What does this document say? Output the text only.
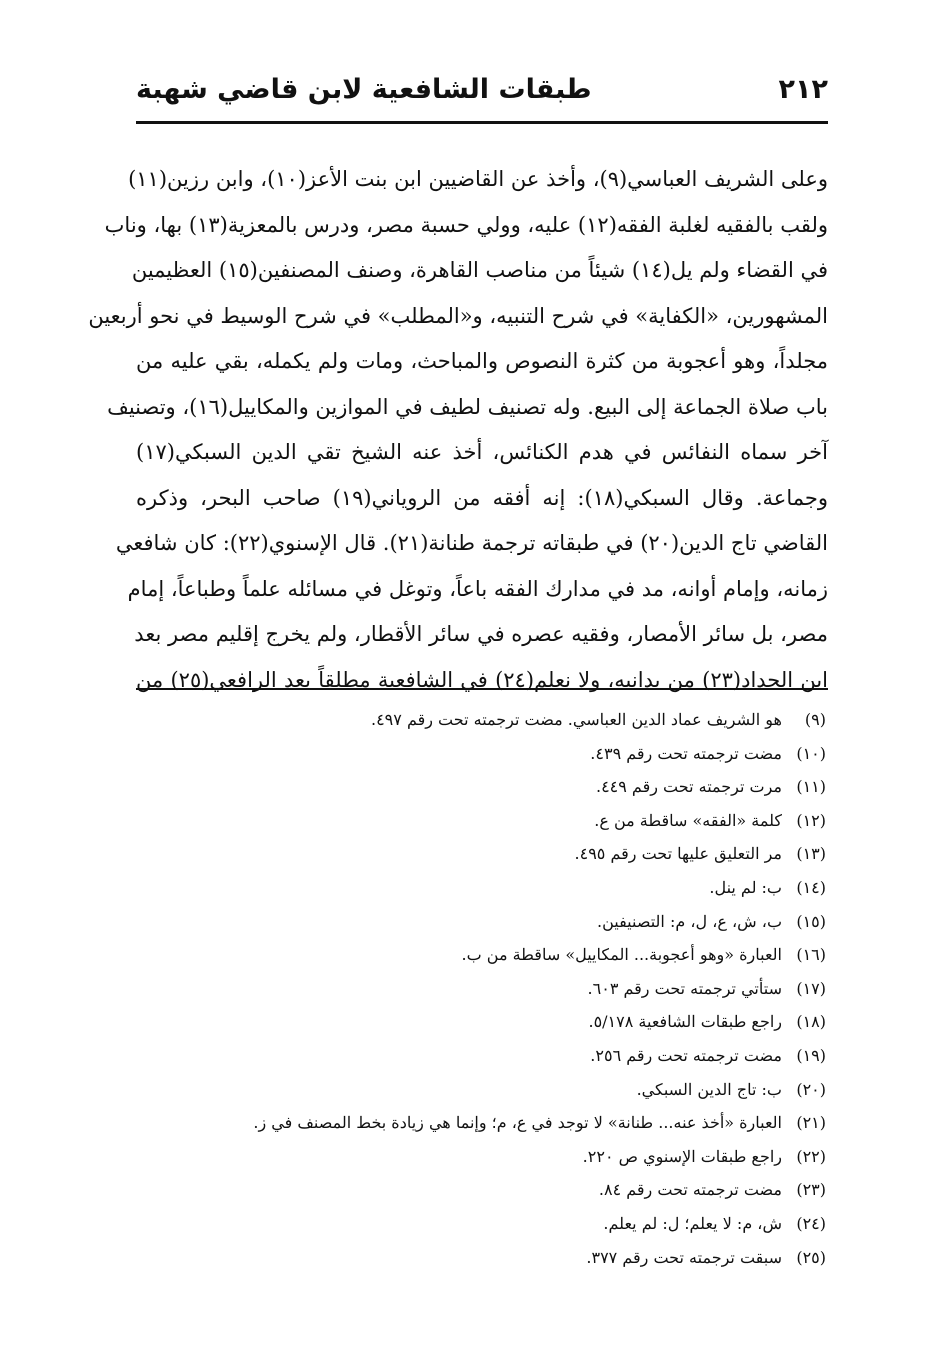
٢١٢
طبقات الشافعية لابن قاضي شهبة
وعلى الشريف العباسي(٩)، وأخذ عن القاضيين ابن بنت الأعز(١٠)، وابن رزين(١١)
ولقب بالفقيه لغلبة الفقه(١٢) عليه، وولي حسبة مصر، ودرس بالمعزية(١٣) بها، وناب
في القضاء ولم يل(١٤) شيئاً من مناصب القاهرة، وصنف المصنفين(١٥) العظيمين
المشهورين، «الكفاية» في شرح التنبيه، و«المطلب» في شرح الوسيط في نحو أربعين
مجلداً، وهو أعجوبة من كثرة النصوص والمباحث، ومات ولم يكمله، بقي عليه من
باب صلاة الجماعة إلى البيع. وله تصنيف لطيف في الموازين والمكاييل(١٦)، وتصنيف
آخر سماه النفائس في هدم الكنائس، أخذ عنه الشيخ تقي الدين السبكي(١٧)
وجماعة. وقال السبكي(١٨): إنه أفقه من الروياني(١٩) صاحب البحر، وذكره
القاضي تاج الدين(٢٠) في طبقاته ترجمة طنانة(٢١). قال الإسنوي(٢٢): كان شافعي
زمانه، وإمام أوانه، مد في مدارك الفقه باعاً، وتوغل في مسائله علماً وطباعاً، إمام
مصر، بل سائر الأمصار، وفقيه عصره في سائر الأقطار، ولم يخرج إقليم مصر بعد
ابن الحداد(٢٣) من يدانيه، ولا نعلم(٢٤) في الشافعية مطلقاً بعد الرافعي(٢٥) من
(٩)هو الشريف عماد الدين العباسي. مضت ترجمته تحت رقم ٤٩٧.
(١٠)مضت ترجمته تحت رقم ٤٣٩.
(١١)مرت ترجمته تحت رقم ٤٤٩.
(١٢)كلمة «الفقه» ساقطة من ع.
(١٣)مر التعليق عليها تحت رقم ٤٩٥.
(١٤)ب: لم ينل.
(١٥)ب، ش، ع، ل، م: التصنيفين.
(١٦)العبارة «وهو أعجوبة... المكاييل» ساقطة من ب.
(١٧)ستأتي ترجمته تحت رقم ٦٠٣.
(١٨)راجع طبقات الشافعية ٥/١٧٨.
(١٩)مضت ترجمته تحت رقم ٢٥٦.
(٢٠)ب: تاج الدين السبكي.
(٢١)العبارة «أخذ عنه... طنانة» لا توجد في ع، م؛ وإنما هي زيادة بخط المصنف في ز.
(٢٢)راجع طبقات الإسنوي ص ٢٢٠.
(٢٣)مضت ترجمته تحت رقم ٨٤.
(٢٤)ش، م: لا يعلم؛ ل: لم يعلم.
(٢٥)سبقت ترجمته تحت رقم ٣٧٧.
